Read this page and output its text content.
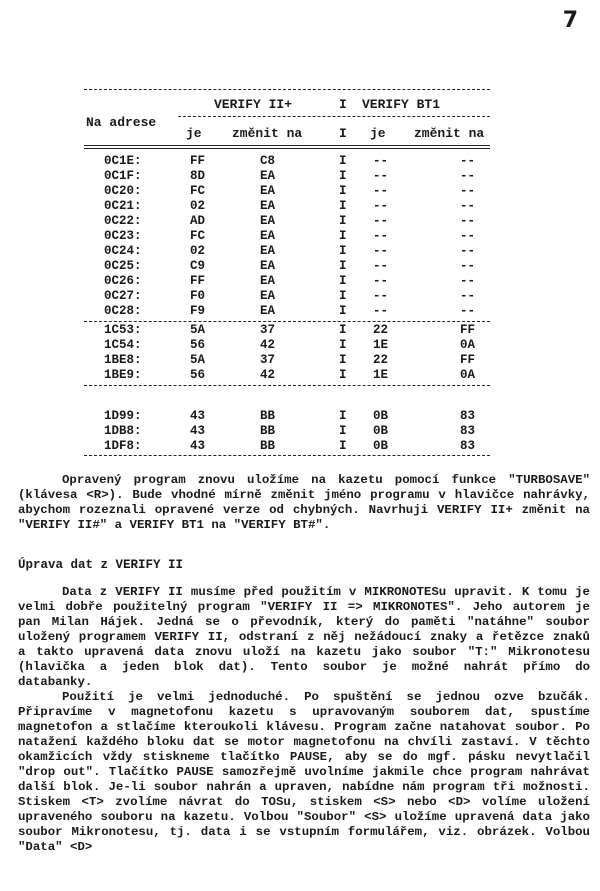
7
VERIFY II+	I VERIFY BT1
Na adrese
je změnit na	I je změnit na
0C1E:	FF	C8	I --	--
0C1F:	8D	EA	I --	--
0C20:	FC	EA	I --	--
0C21:	02	EA	I --	--
0C22:	AD	EA	I --	--
0C23:	FC	EA	I --	--
0C24:	02	EA	I --	--
0C25:	C9	EA	I --	--
0C26:	FF	EA	I --	--
0C27:	F0	EA	I --	--
0C28:	F9	EA	I --	--
1C53:	5A	37	I 22	FF
1C54:	56	42	I 1E	0A
1BE8:	5A	37	I 22	FF
1BE9:	56	42	I 1E	0A
1D99:	43	BB	I 0B	83
1DB8:	43	BB	I 0B	83
1DF8:	43	BB	I 0B	83

Opravený program znovu uložíme na kazetu pomocí funkce "TURBOSAVE" (klávesa <R>). Bude vhodné mírně změnit jméno programu v hlavičce nahrávky, abychom rozeznali opravené verze od chybných. Navrhuji VERIFY II+ změnit na "VERIFY II#" a VERIFY BT1 na "VERIFY BT#".

Úprava dat z VERIFY II

Data z VERIFY II musíme před použitím v MIKRONOTESu upravit. K tomu je velmi dobře použitelný program "VERIFY II => MIKRONOTES". Jeho autorem je pan Milan Hájek. Jedná se o převodník, který do paměti "natáhne" soubor uložený programem VERIFY II, odstraní z něj nežádoucí znaky a řetězce znaků a takto upravená data znovu uloží na kazetu jako soubor "T:" Mikronotesu (hlavička a jeden blok dat). Tento soubor je možné nahrát přímo do databanky.

Použití je velmi jednoduché. Po spuštění se jednou ozve bzučák. Připravíme v magnetofonu kazetu s upravovaným souborem dat, spustíme magnetofon a stlačíme kteroukoli klávesu. Program začne natahovat soubor. Po natažení každého bloku dat se motor magnetofonu na chvíli zastaví. V těchto okamžicích vždy stiskneme tlačítko PAUSE, aby se do mgf. pásku nevytlačil "drop out". Tlačítko PAUSE samozřejmě uvolníme jakmile chce program nahrávat další blok. Je-li soubor nahrán a upraven, nabídne nám program tři možnosti. Stiskem <T> zvolíme návrat do TOSu, stiskem <S> nebo <D> volíme uložení upraveného souboru na kazetu. Volbou "Soubor" <S> uložíme upravená data jako soubor Mikronotesu, tj. data i se vstupním formulářem, viz. obrázek. Volbou "Data" <D>
